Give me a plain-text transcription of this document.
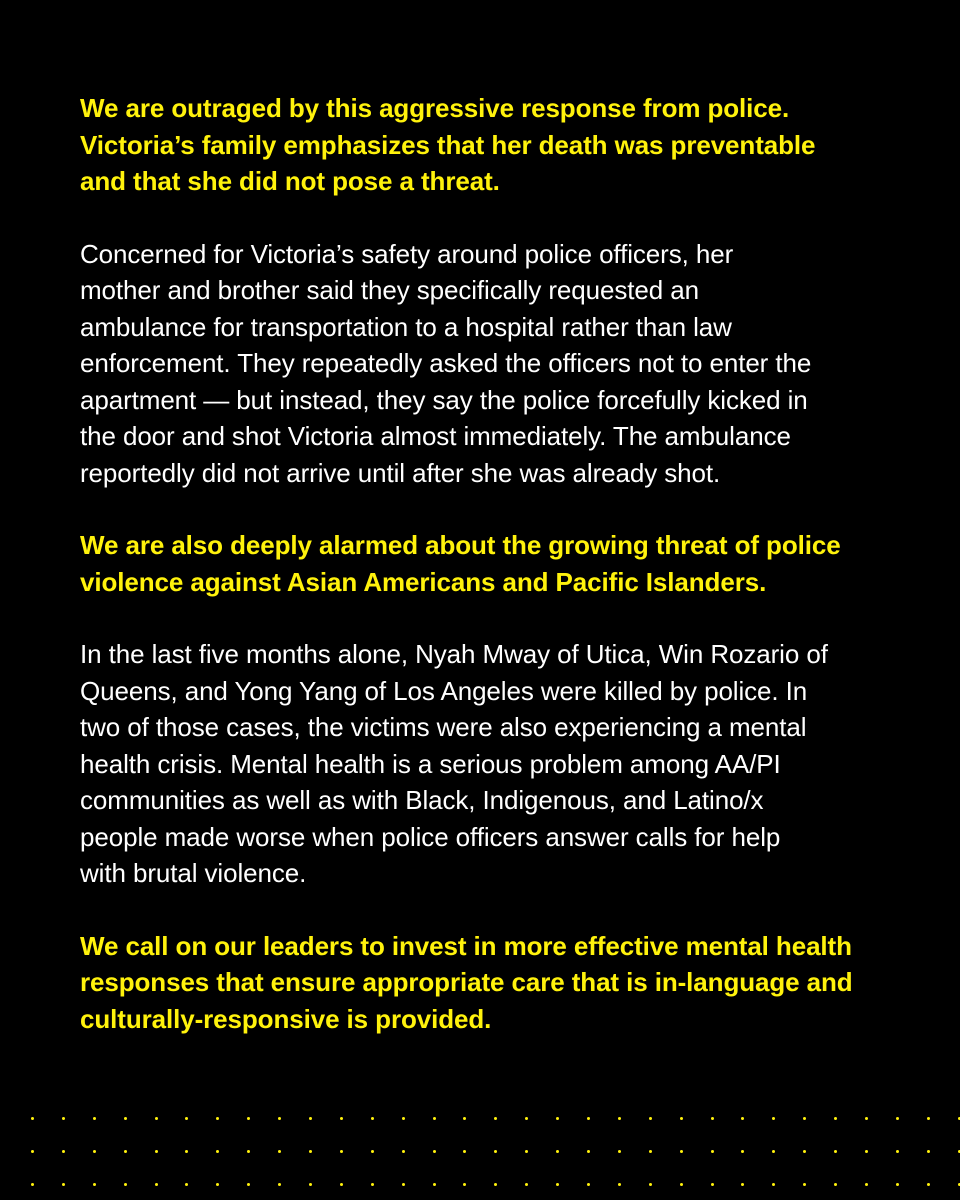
We are outraged by this aggressive response from police.
Victoria’s family emphasizes that her death was preventable
and that she did not pose a threat.

Concerned for Victoria’s safety around police officers, her
mother and brother said they specifically requested an
ambulance for transportation to a hospital rather than law
enforcement. They repeatedly asked the officers not to enter the
apartment — but instead, they say the police forcefully kicked in
the door and shot Victoria almost immediately. The ambulance
reportedly did not arrive until after she was already shot.

We are also deeply alarmed about the growing threat of police
violence against Asian Americans and Pacific Islanders.

In the last five months alone, Nyah Mway of Utica, Win Rozario of
Queens, and Yong Yang of Los Angeles were killed by police. In
two of those cases, the victims were also experiencing a mental
health crisis. Mental health is a serious problem among AA/PI
communities as well as with Black, Indigenous, and Latino/x
people made worse when police officers answer calls for help
with brutal violence.

We call on our leaders to invest in more effective mental health
responses that ensure appropriate care that is in-language and
culturally-responsive is provided.
